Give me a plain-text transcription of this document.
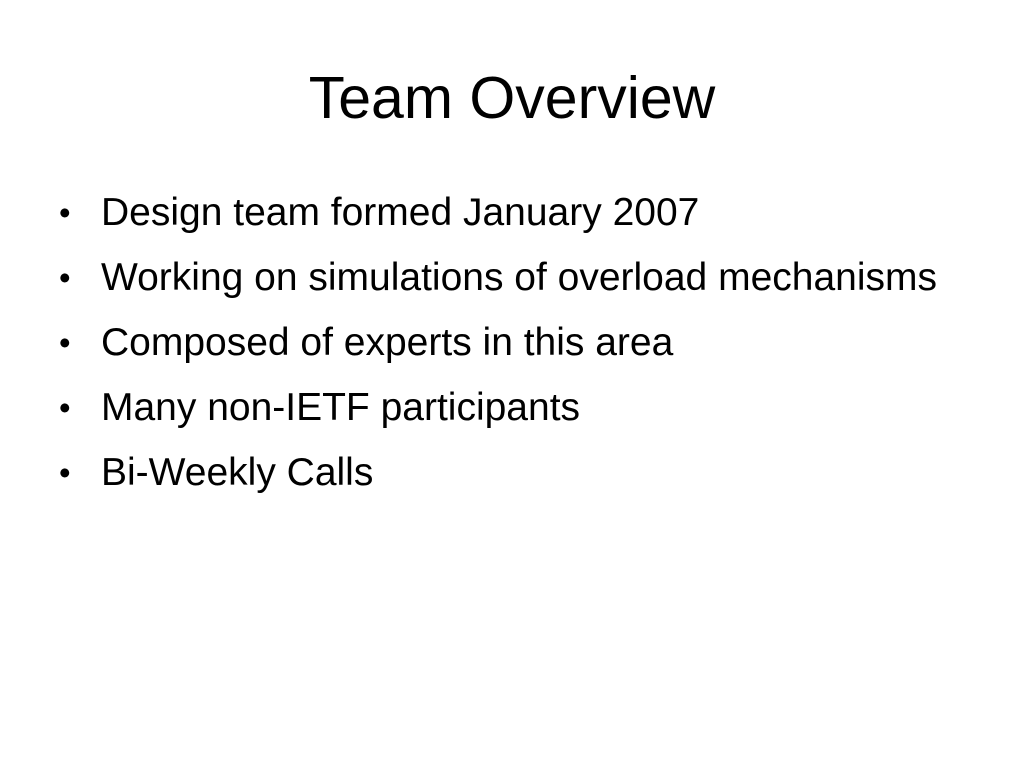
Team Overview
• Design team formed January 2007
• Working on simulations of overload mechanisms
• Composed of experts in this area
• Many non-IETF participants
• Bi-Weekly Calls
